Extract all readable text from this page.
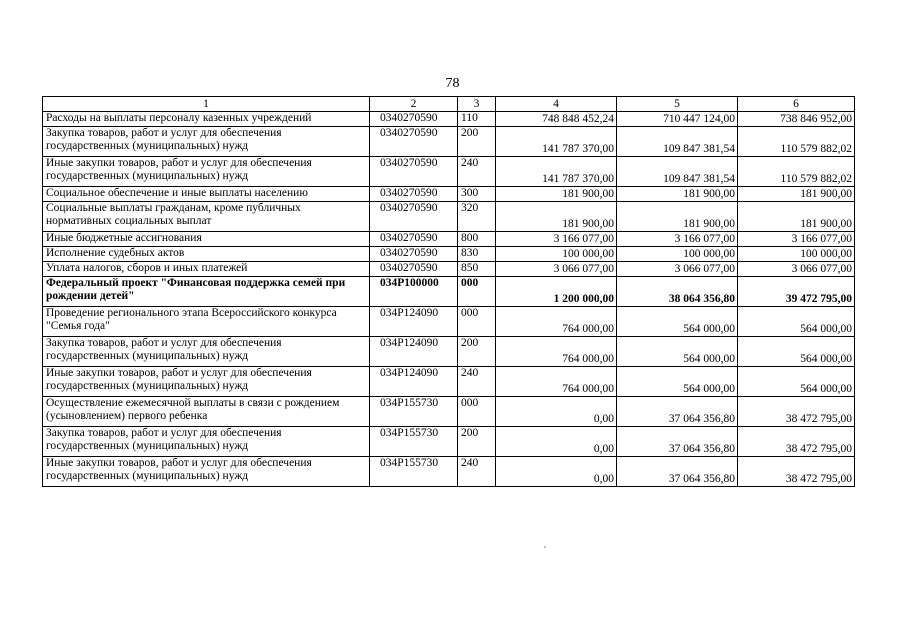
78
1	2	3	4	5	6
Расходы на выплаты персоналу казенных учреждений	0340270590	110	748 848 452,24	710 447 124,00	738 846 952,00
Закупка товаров, работ и услуг для обеспечения государственных (муниципальных) нужд	0340270590	200	141 787 370,00	109 847 381,54	110 579 882,02
Иные закупки товаров, работ и услуг для обеспечения государственных (муниципальных) нужд	0340270590	240	141 787 370,00	109 847 381,54	110 579 882,02
Социальное обеспечение и иные выплаты населению	0340270590	300	181 900,00	181 900,00	181 900,00
Социальные выплаты гражданам, кроме публичных нормативных социальных выплат	0340270590	320	181 900,00	181 900,00	181 900,00
Иные бюджетные ассигнования	0340270590	800	3 166 077,00	3 166 077,00	3 166 077,00
Исполнение судебных актов	0340270590	830	100 000,00	100 000,00	100 000,00
Уплата налогов, сборов и иных платежей	0340270590	850	3 066 077,00	3 066 077,00	3 066 077,00
Федеральный проект "Финансовая поддержка семей при рождении детей"	034P100000	000	1 200 000,00	38 064 356,80	39 472 795,00
Проведение регионального этапа Всероссийского конкурса "Семья года"	034P124090	000	764 000,00	564 000,00	564 000,00
Закупка товаров, работ и услуг для обеспечения государственных (муниципальных) нужд	034P124090	200	764 000,00	564 000,00	564 000,00
Иные закупки товаров, работ и услуг для обеспечения государственных (муниципальных) нужд	034P124090	240	764 000,00	564 000,00	564 000,00
Осуществление ежемесячной выплаты в связи с рождением (усыновлением) первого ребенка	034P155730	000	0,00	37 064 356,80	38 472 795,00
Закупка товаров, работ и услуг для обеспечения государственных (муниципальных) нужд	034P155730	200	0,00	37 064 356,80	38 472 795,00
Иные закупки товаров, работ и услуг для обеспечения государственных (муниципальных) нужд	034P155730	240	0,00	37 064 356,80	38 472 795,00
